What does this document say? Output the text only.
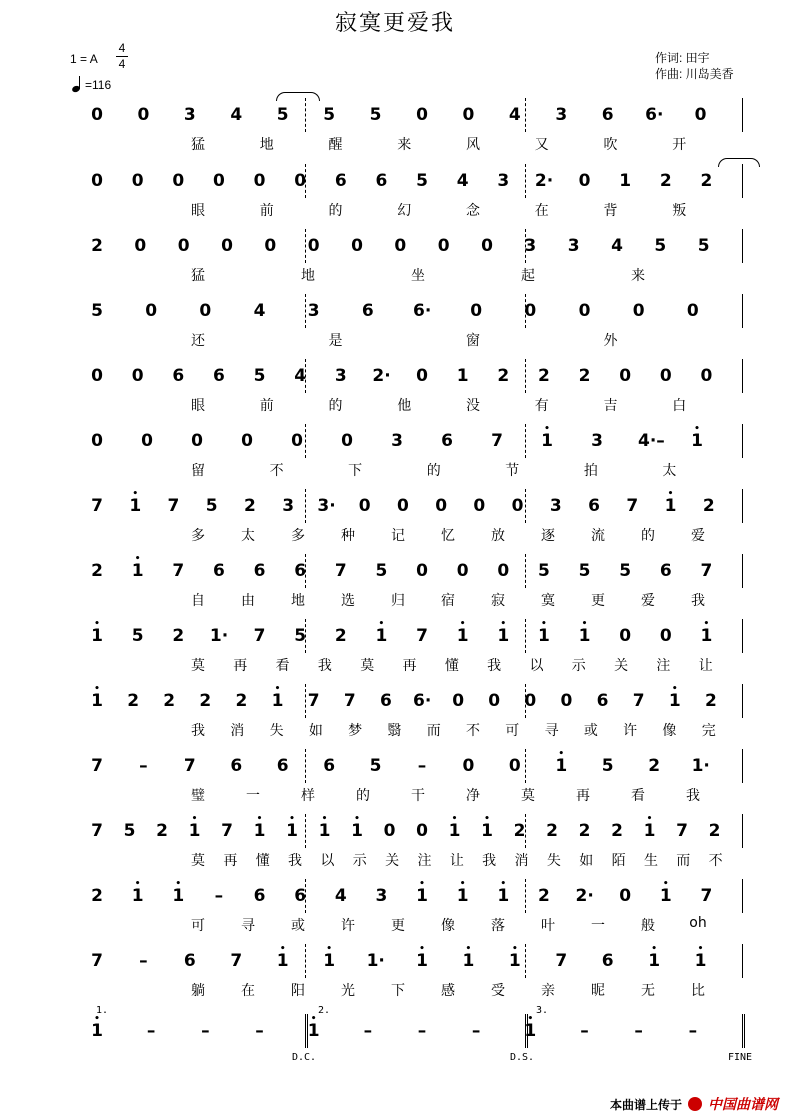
寂寞更爱我
1 = A
4
4
=116
作词: 田宇
作曲: 川岛美香
0 0 3 4 5 5 5 0 0 4 3 6 6· 0
猛	地	醒	来	风	又	吹	开
0 0 0 0 0 0 6 6 5 4 3 2· 0 1 2 2
眼	前	的	幻	念	在	背	叛
2 0 0 0 0 0 0 0 0 0 3 3 4 5 5
猛	地	坐	起	来
5 0 0 4 3 6 6· 0 0 0 0 0
还	是	窗	外
0 0 6 6 5 4 3 2· 0 1 2 2 2 0 0 0
眼	前	的	他	没	有	吉	白
0 0 0 0 0 0 3 6 7 • 1 3 4·– • 1
留	不	下	的	节	拍	太
7 • 1 7 5 2 3 3· 0 0 0 0 0 3 6 7 • 1 2
多	太	多	种	记	忆	放	逐	流	的	爱
2 • 1 7 6 6 6 7 5 0 0 0 5 5 5 6 7
自	由	地	选	归	宿	寂	寞	更	爱	我
• 1 5 2 1· 7 5 2 • 1 7 • 1 • 1 • 1 • 1 0 0 • 1
莫 再 看 我 莫 再 懂 我 以 示 关 注 让
• 1 2 2 2 2 • 1 7 7 6 6· 0 0 0 0 6 7 • 1 2
我 消 失 如 梦 翳 而 不 可 寻 或 许 像 完
7 – 7 6 6 6 5 – 0 0 • 1 5 2 1·
璧	一	样	的	干	净	莫	再	看	我
7 5 2 • 1 7 • 1 • 1 • 1 • 1 0 0 • 1 • 1 2 2 2 2 • 1 7 2
莫 再 懂 我 以 示 关 注 让 我 消 失 如 陌 生 而 不
2 • 1 • 1 – 6 6 4 3 • 1 • 1 • 1 2 2· 0 • 1 7
可	寻	或	许	更	像	落	叶	一	般 oh
7 – 6 7 • 1 • 1 1· • 1 • 1 • 1 7 6 • 1 • 1
躺	在	阳	光	下	感	受	亲	昵	无	比
• 1	–	–	–	• 1	–	–	–	• 1	–	–	–
1.	2.	3.
D.C.	D.S.	FINE
本曲谱上传于 中国曲谱网
